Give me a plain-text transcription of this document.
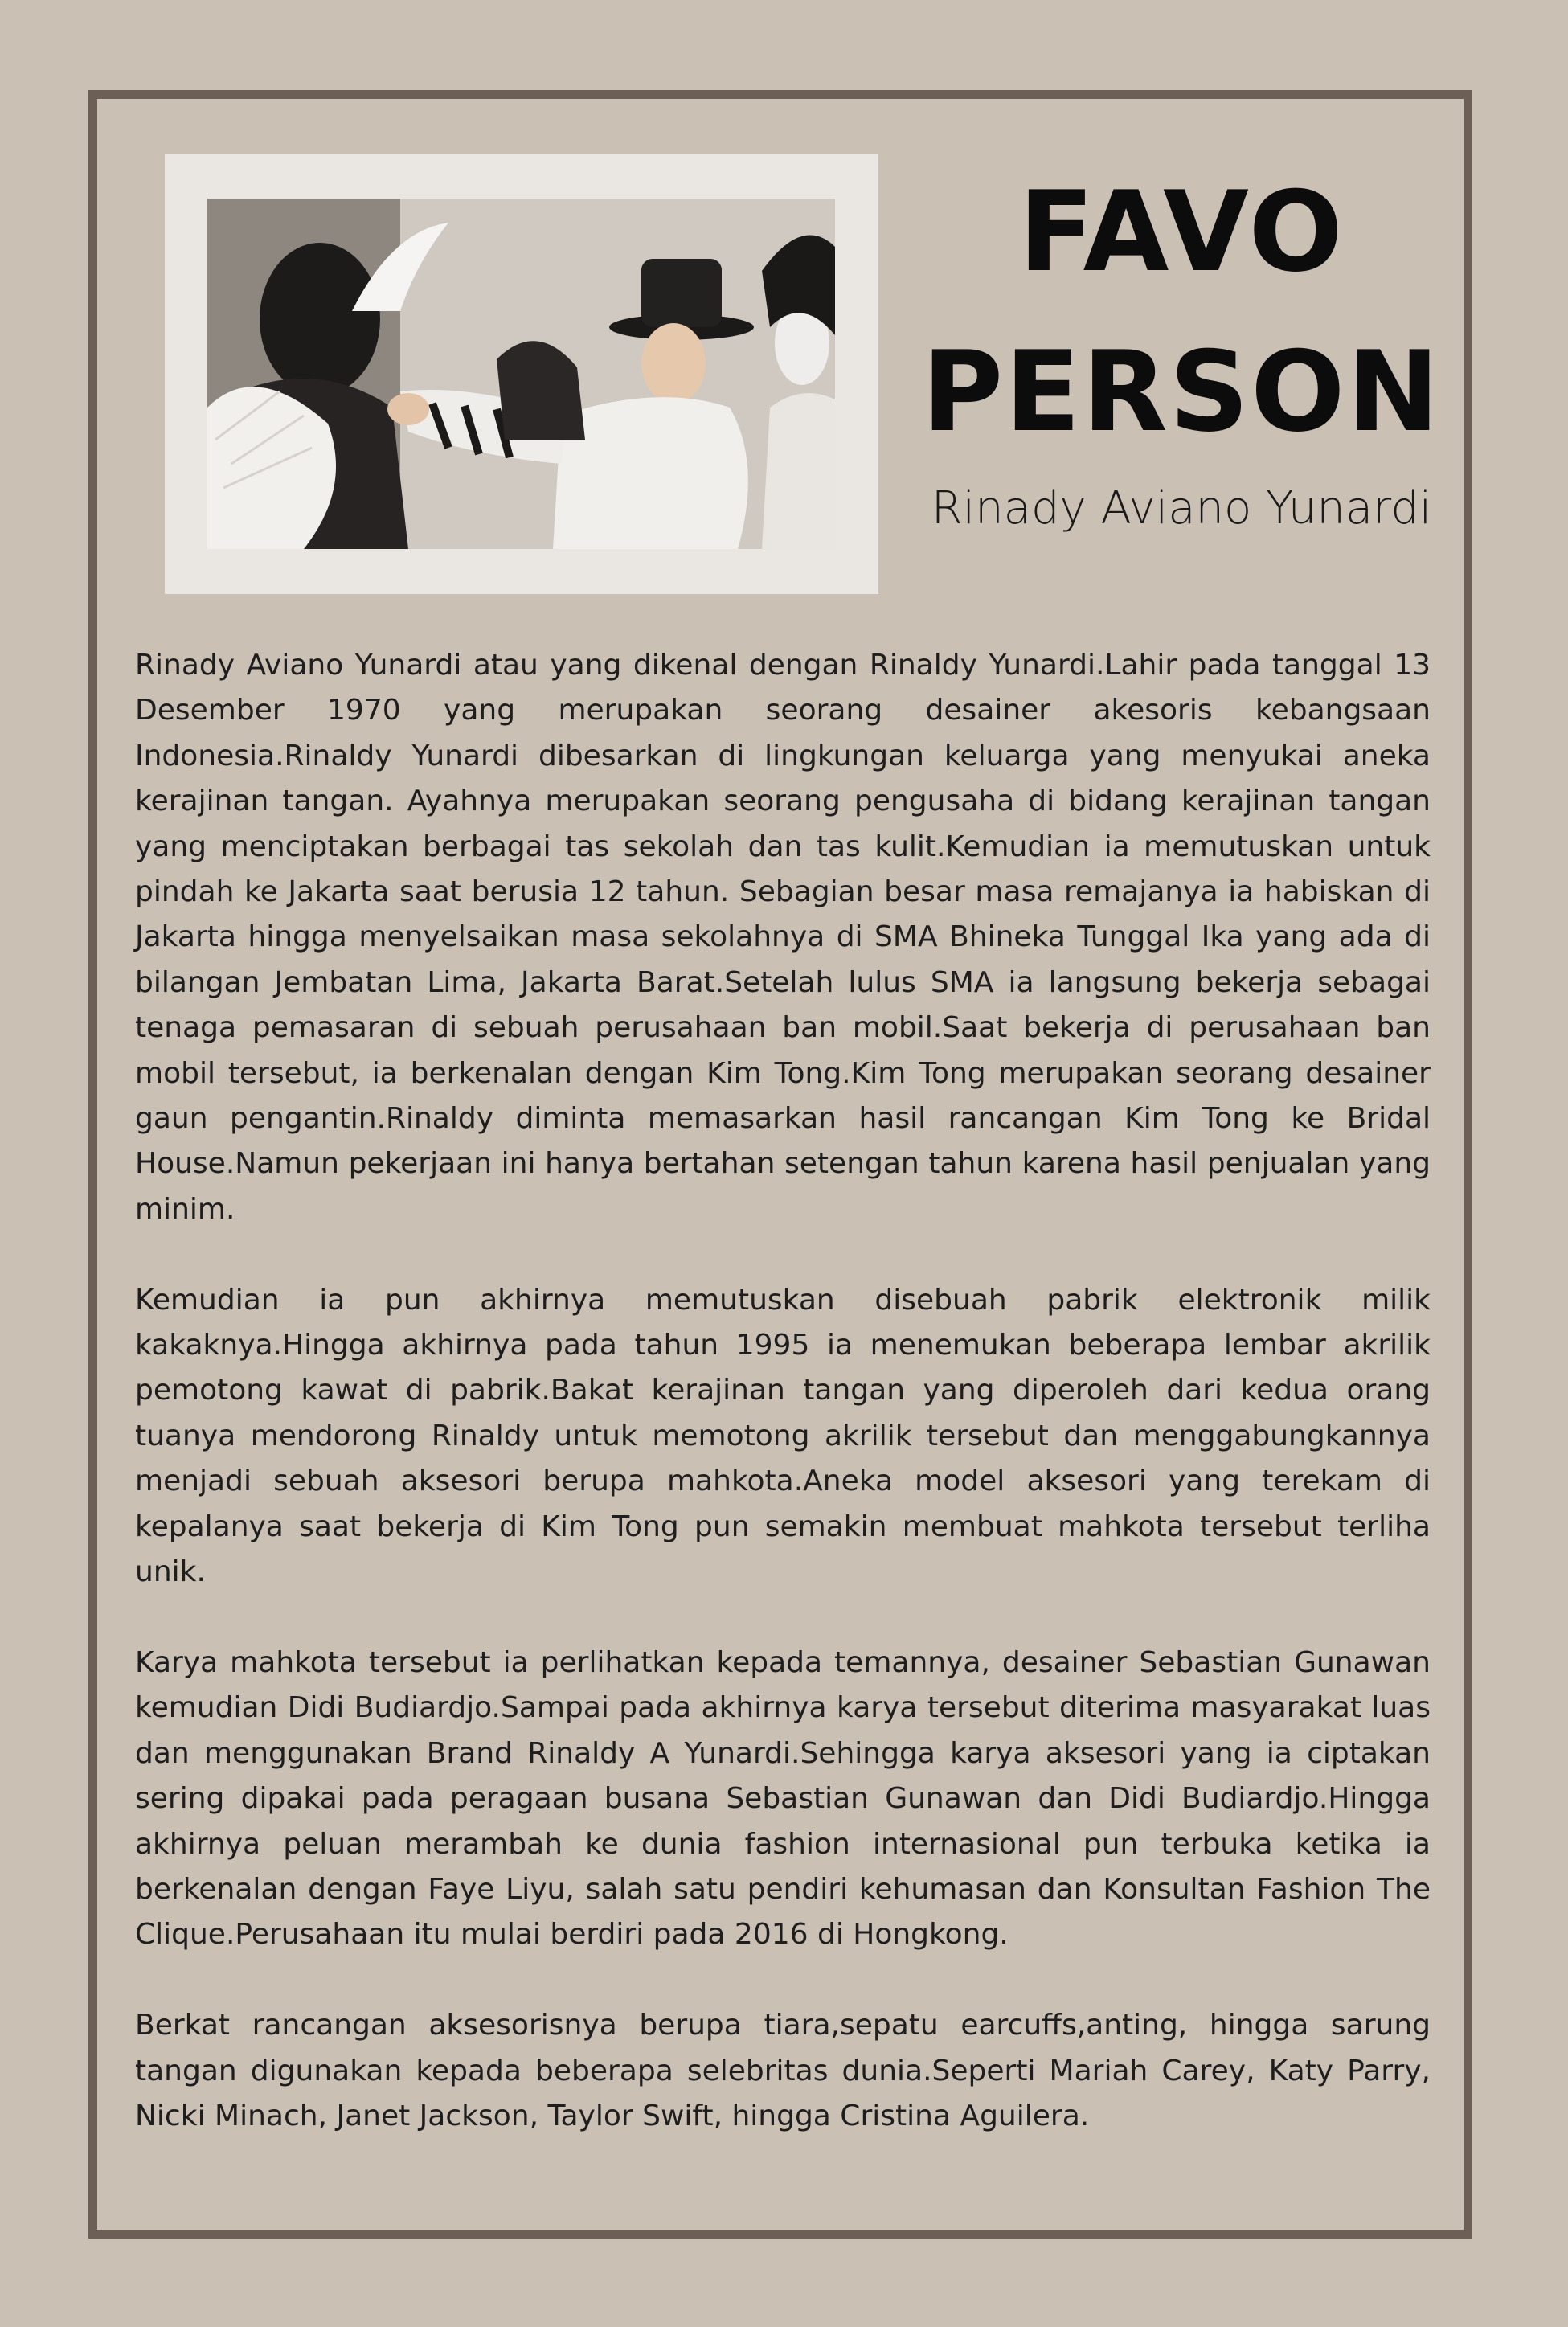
FAVO
PERSON
Rinady Aviano Yunardi

Rinady Aviano Yunardi atau yang dikenal dengan Rinaldy Yunardi.Lahir pada tanggal 13 Desember 1970 yang merupakan seorang desainer akesoris kebangsaan Indonesia.Rinaldy Yunardi dibesarkan di lingkungan keluarga yang menyukai aneka kerajinan tangan. Ayahnya merupakan seorang pengusaha di bidang kerajinan tangan yang menciptakan berbagai tas sekolah dan tas kulit.Kemudian ia memutuskan untuk pindah ke Jakarta saat berusia 12 tahun. Sebagian besar masa remajanya ia habiskan di Jakarta hingga menyelsaikan masa sekolahnya di SMA Bhineka Tunggal Ika yang ada di bilangan Jembatan Lima, Jakarta Barat.Setelah lulus SMA ia langsung bekerja sebagai tenaga pemasaran di sebuah perusahaan ban mobil.Saat bekerja di perusahaan ban mobil tersebut, ia berkenalan dengan Kim Tong.Kim Tong merupakan seorang desainer gaun pengantin.Rinaldy diminta memasarkan hasil rancangan Kim Tong ke Bridal House.Namun pekerjaan ini hanya bertahan setengan tahun karena hasil penjualan yang minim.

Kemudian ia pun akhirnya memutuskan disebuah pabrik elektronik milik kakaknya.Hingga akhirnya pada tahun 1995 ia menemukan beberapa lembar akrilik pemotong kawat di pabrik.Bakat kerajinan tangan yang diperoleh dari kedua orang tuanya mendorong Rinaldy untuk memotong akrilik tersebut dan menggabungkannya menjadi sebuah aksesori berupa mahkota.Aneka model aksesori yang terekam di kepalanya saat bekerja di Kim Tong pun semakin membuat mahkota tersebut terliha unik.

Karya mahkota tersebut ia perlihatkan kepada temannya, desainer Sebastian Gunawan kemudian Didi Budiardjo.Sampai pada akhirnya karya tersebut diterima masyarakat luas dan menggunakan Brand Rinaldy A Yunardi.Sehingga karya aksesori yang ia ciptakan sering dipakai pada peragaan busana Sebastian Gunawan dan Didi Budiardjo.Hingga akhirnya peluan merambah ke dunia fashion internasional pun terbuka ketika ia berkenalan dengan Faye Liyu, salah satu pendiri kehumasan dan Konsultan Fashion The Clique.Perusahaan itu mulai berdiri pada 2016 di Hongkong.

Berkat rancangan aksesorisnya berupa tiara,sepatu earcuffs,anting, hingga sarung tangan digunakan kepada beberapa selebritas dunia.Seperti Mariah Carey, Katy Parry, Nicki Minach, Janet Jackson, Taylor Swift, hingga Cristina Aguilera.
